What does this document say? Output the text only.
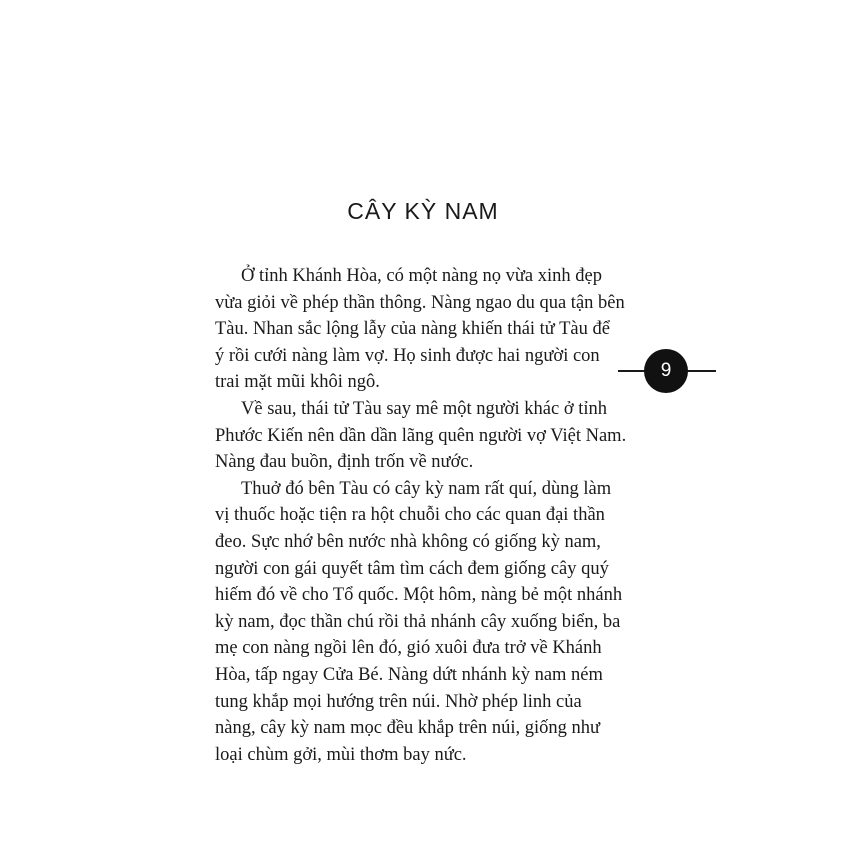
CÂY KỲ NAM
9
Ở tỉnh Khánh Hòa, có một nàng nọ vừa xinh đẹp
vừa giỏi về phép thần thông. Nàng ngao du qua tận bên
Tàu. Nhan sắc lộng lẫy của nàng khiến thái tử Tàu để
ý rồi cưới nàng làm vợ. Họ sinh được hai người con
trai mặt mũi khôi ngô.
Về sau, thái tử Tàu say mê một người khác ở tỉnh
Phước Kiến nên dần dần lãng quên người vợ Việt Nam.
Nàng đau buồn, định trốn về nước.
Thuở đó bên Tàu có cây kỳ nam rất quí, dùng làm
vị thuốc hoặc tiện ra hột chuỗi cho các quan đại thần
đeo. Sực nhớ bên nước nhà không có giống kỳ nam,
người con gái quyết tâm tìm cách đem giống cây quý
hiếm đó về cho Tổ quốc. Một hôm, nàng bẻ một nhánh
kỳ nam, đọc thần chú rồi thả nhánh cây xuống biển, ba
mẹ con nàng ngồi lên đó, gió xuôi đưa trở về Khánh
Hòa, tấp ngay Cửa Bé. Nàng dứt nhánh kỳ nam ném
tung khắp mọi hướng trên núi. Nhờ phép linh của
nàng, cây kỳ nam mọc đều khắp trên núi, giống như
loại chùm gởi, mùi thơm bay nức.
